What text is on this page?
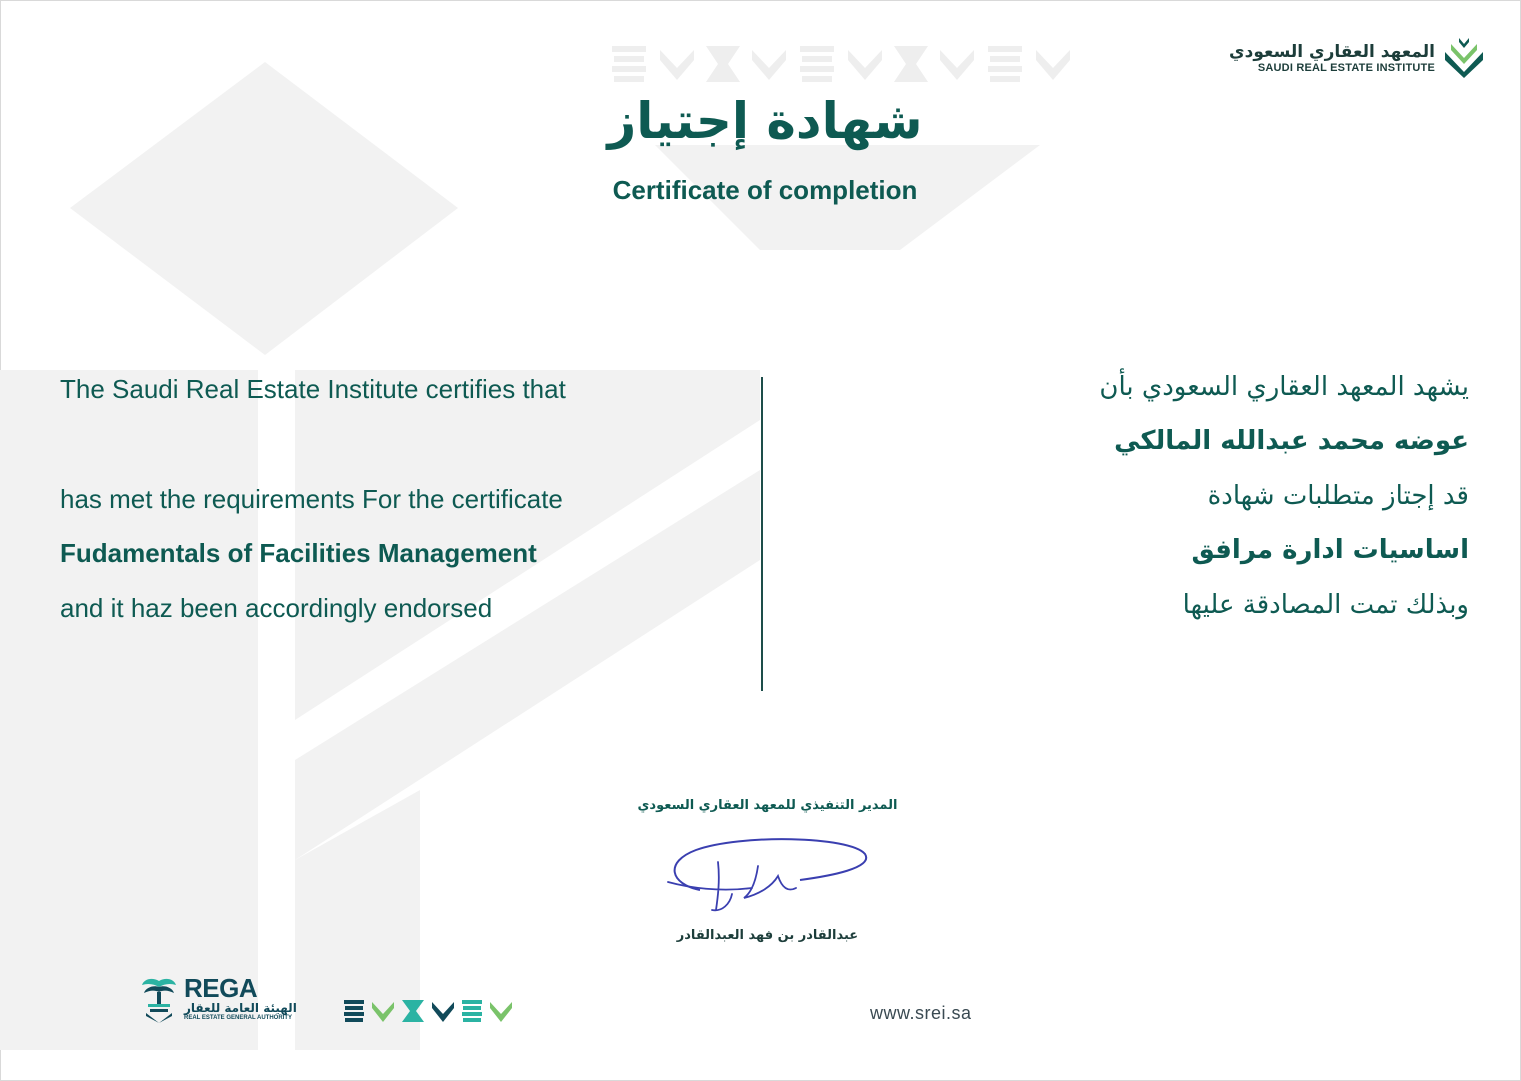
المعهد العقاري السعودي
SAUDI REAL ESTATE INSTITUTE
شهادة إجتياز
Certificate of completion
The Saudi Real Estate Institute certifies that
has met the requirements For the certificate
Fudamentals of Facilities Management
and it haz been accordingly endorsed
يشهد المعهد العقاري السعودي بأن
عوضه محمد عبدالله المالكي
قد إجتاز متطلبات شهادة
اساسيات ادارة مرافق
وبذلك تمت المصادقة عليها
المدير التنفيذي للمعهد العقاري السعودي
عبدالقادر بن فهد العبدالقادر
REGA
الهيئة العامة للعقار
REAL ESTATE GENERAL AUTHORITY	www.srei.sa
